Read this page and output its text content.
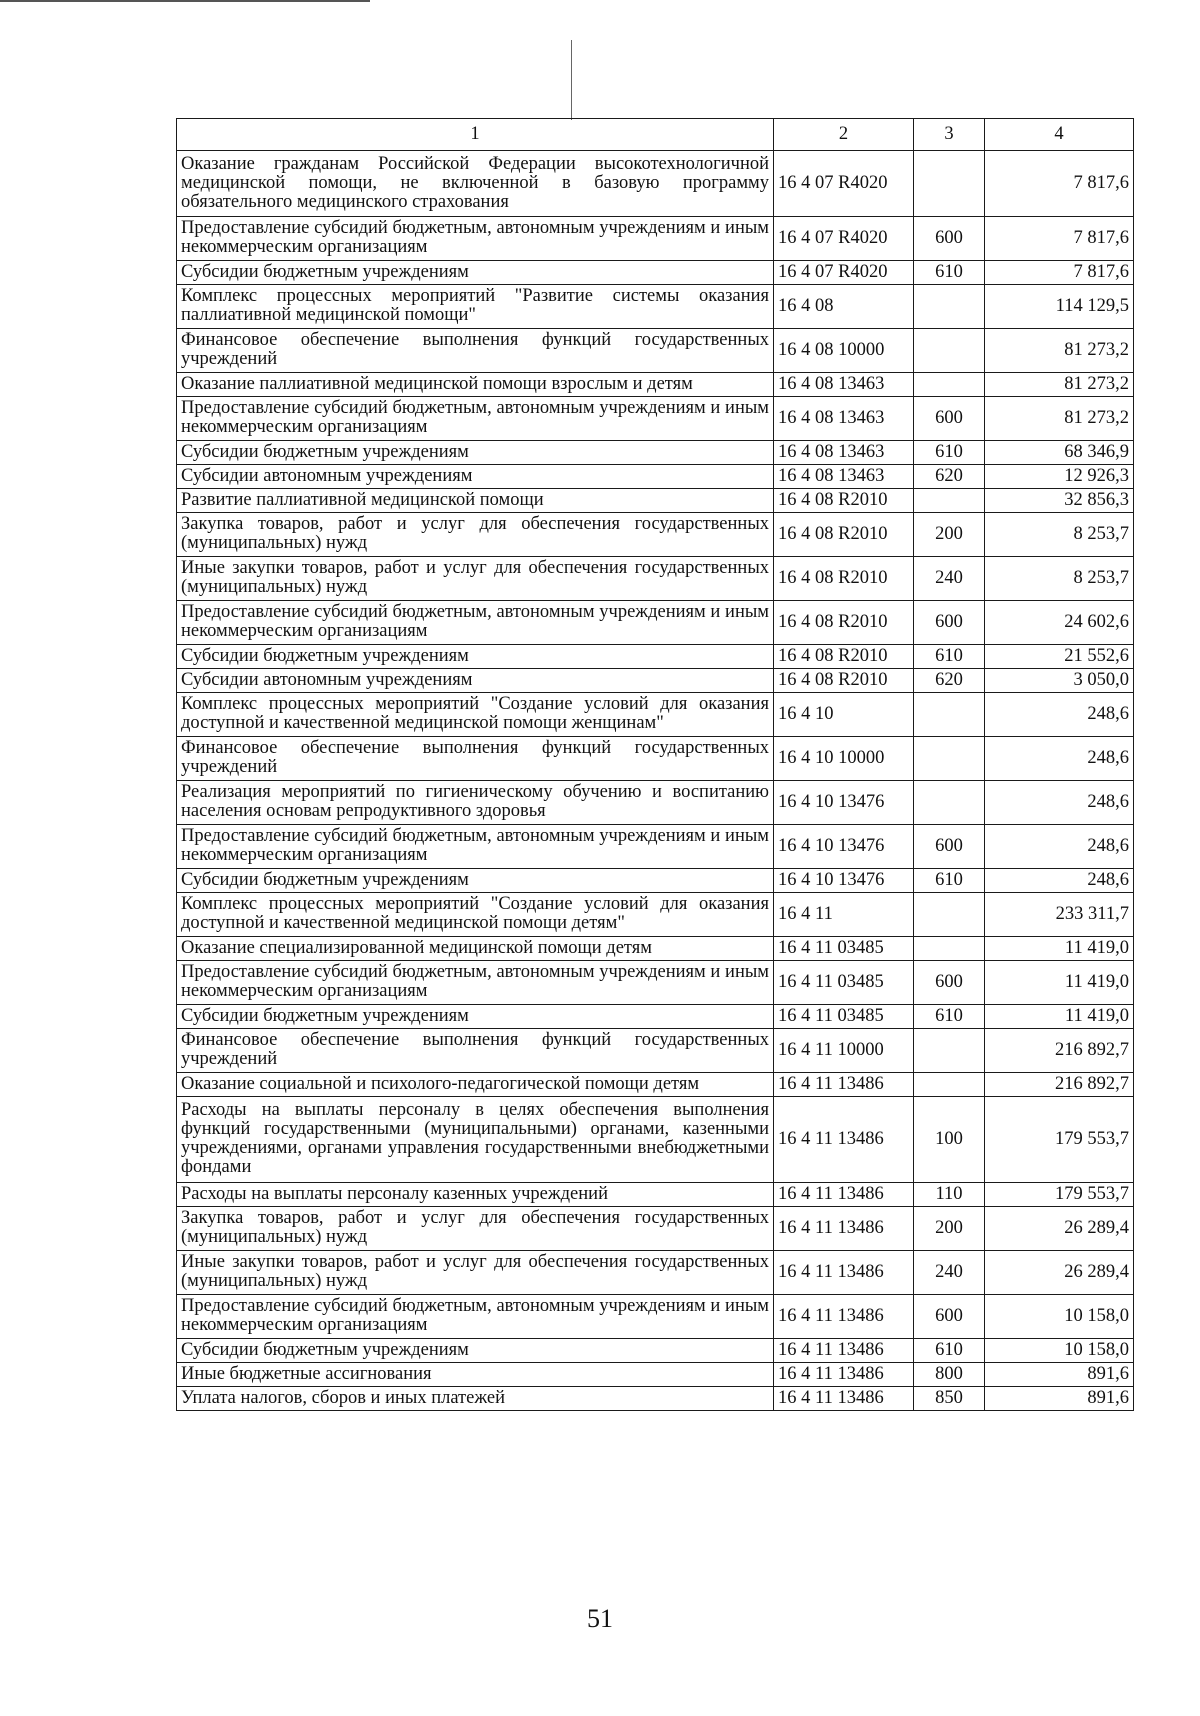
1	2	3	4
Оказание гражданам Российской Федерации высокотехнологичной медицинской помощи, не включенной в базовую программу обязательного медицинского страхования	16 4 07 R4020		7 817,6
Предоставление субсидий бюджетным, автономным учреждениям и иным некоммерческим организациям	16 4 07 R4020	600	7 817,6
Субсидии бюджетным учреждениям	16 4 07 R4020	610	7 817,6
Комплекс процессных мероприятий "Развитие системы оказания паллиативной медицинской помощи"	16 4 08		114 129,5
Финансовое обеспечение выполнения функций государственных учреждений	16 4 08 10000		81 273,2
Оказание паллиативной медицинской помощи взрослым и детям	16 4 08 13463		81 273,2
Предоставление субсидий бюджетным, автономным учреждениям и иным некоммерческим организациям	16 4 08 13463	600	81 273,2
Субсидии бюджетным учреждениям	16 4 08 13463	610	68 346,9
Субсидии автономным учреждениям	16 4 08 13463	620	12 926,3
Развитие паллиативной медицинской помощи	16 4 08 R2010		32 856,3
Закупка товаров, работ и услуг для обеспечения государственных (муниципальных) нужд	16 4 08 R2010	200	8 253,7
Иные закупки товаров, работ и услуг для обеспечения государственных (муниципальных) нужд	16 4 08 R2010	240	8 253,7
Предоставление субсидий бюджетным, автономным учреждениям и иным некоммерческим организациям	16 4 08 R2010	600	24 602,6
Субсидии бюджетным учреждениям	16 4 08 R2010	610	21 552,6
Субсидии автономным учреждениям	16 4 08 R2010	620	3 050,0
Комплекс процессных мероприятий "Создание условий для оказания доступной и качественной медицинской помощи женщинам"	16 4 10		248,6
Финансовое обеспечение выполнения функций государственных учреждений	16 4 10 10000		248,6
Реализация мероприятий по гигиеническому обучению и воспитанию населения основам репродуктивного здоровья	16 4 10 13476		248,6
Предоставление субсидий бюджетным, автономным учреждениям и иным некоммерческим организациям	16 4 10 13476	600	248,6
Субсидии бюджетным учреждениям	16 4 10 13476	610	248,6
Комплекс процессных мероприятий "Создание условий для оказания доступной и качественной медицинской помощи детям"	16 4 11		233 311,7
Оказание специализированной медицинской помощи детям	16 4 11 03485		11 419,0
Предоставление субсидий бюджетным, автономным учреждениям и иным некоммерческим организациям	16 4 11 03485	600	11 419,0
Субсидии бюджетным учреждениям	16 4 11 03485	610	11 419,0
Финансовое обеспечение выполнения функций государственных учреждений	16 4 11 10000		216 892,7
Оказание социальной и психолого-педагогической помощи детям	16 4 11 13486		216 892,7
Расходы на выплаты персоналу в целях обеспечения выполнения функций государственными (муниципальными) органами, казенными учреждениями, органами управления государственными внебюджетными фондами	16 4 11 13486	100	179 553,7
Расходы на выплаты персоналу казенных учреждений	16 4 11 13486	110	179 553,7
Закупка товаров, работ и услуг для обеспечения государственных (муниципальных) нужд	16 4 11 13486	200	26 289,4
Иные закупки товаров, работ и услуг для обеспечения государственных (муниципальных) нужд	16 4 11 13486	240	26 289,4
Предоставление субсидий бюджетным, автономным учреждениям и иным некоммерческим организациям	16 4 11 13486	600	10 158,0
Субсидии бюджетным учреждениям	16 4 11 13486	610	10 158,0
Иные бюджетные ассигнования	16 4 11 13486	800	891,6
Уплата налогов, сборов и иных платежей	16 4 11 13486	850	891,6
51
